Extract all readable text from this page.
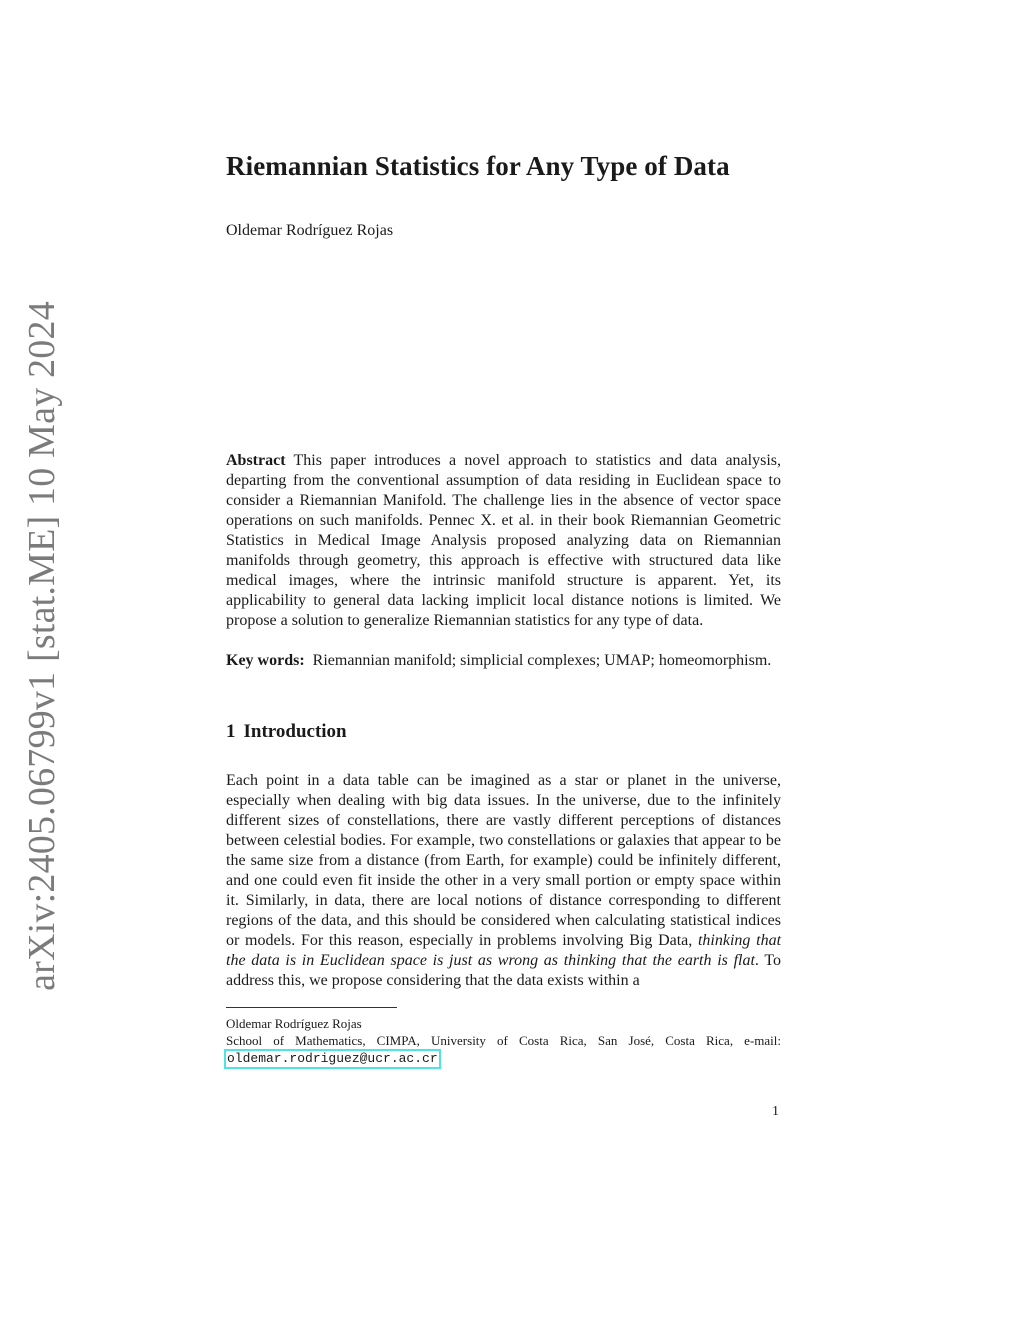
arXiv:2405.06799v1 [stat.ME] 10 May 2024
Riemannian Statistics for Any Type of Data
Oldemar Rodríguez Rojas

Abstract This paper introduces a novel approach to statistics and data analysis, departing from the conventional assumption of data residing in Euclidean space to consider a Riemannian Manifold. The challenge lies in the absence of vector space operations on such manifolds. Pennec X. et al. in their book Riemannian Geometric Statistics in Medical Image Analysis proposed analyzing data on Riemannian manifolds through geometry, this approach is effective with structured data like medical images, where the intrinsic manifold structure is apparent. Yet, its applicability to general data lacking implicit local distance notions is limited. We propose a solution to generalize Riemannian statistics for any type of data.

Key words: Riemannian manifold; simplicial complexes; UMAP; homeomorphism.

1 Introduction

Each point in a data table can be imagined as a star or planet in the universe, especially when dealing with big data issues. In the universe, due to the infinitely different sizes of constellations, there are vastly different perceptions of distances between celestial bodies. For example, two constellations or galaxies that appear to be the same size from a distance (from Earth, for example) could be infinitely different, and one could even fit inside the other in a very small portion or empty space within it. Similarly, in data, there are local notions of distance corresponding to different regions of the data, and this should be considered when calculating statistical indices or models. For this reason, especially in problems involving Big Data, thinking that the data is in Euclidean space is just as wrong as thinking that the earth is flat. To address this, we propose considering that the data exists within a

Oldemar Rodríguez Rojas
School of Mathematics, CIMPA, University of Costa Rica, San José, Costa Rica, e-mail:
oldemar.rodriguez@ucr.ac.cr
1
